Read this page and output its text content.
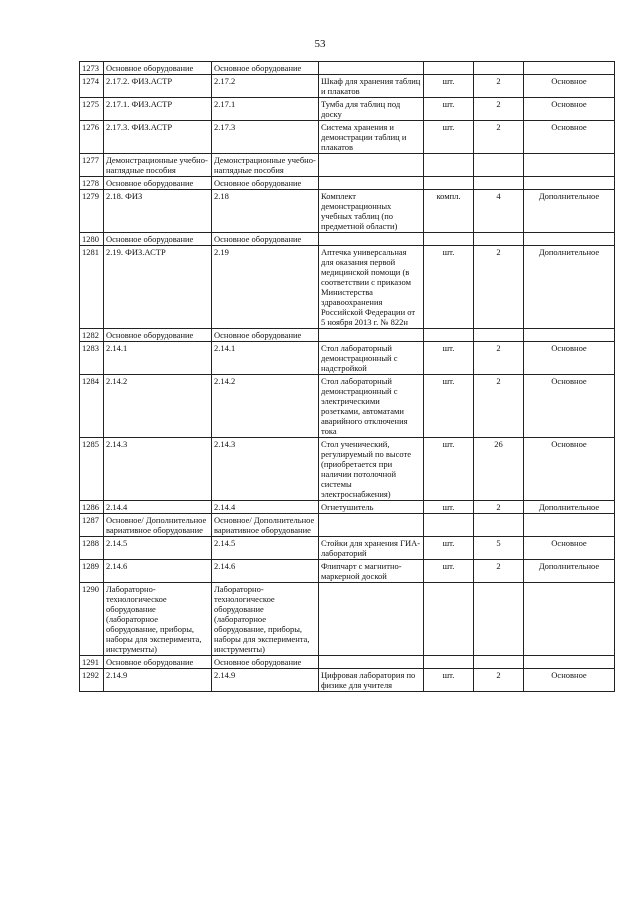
53
1273	Основное оборудование	Основное оборудование				
1274	2.17.2. ФИЗ.АСТР	2.17.2	Шкаф для хранения таблиц и плакатов	шт.	2	Основное
1275	2.17.1. ФИЗ.АСТР	2.17.1	Тумба для таблиц под доску	шт.	2	Основное
1276	2.17.3. ФИЗ.АСТР	2.17.3	Система хранения и демонстрации таблиц и плакатов	шт.	2	Основное
1277	Демонстрационные учебно-наглядные пособия	Демонстрационные учебно-наглядные пособия				
1278	Основное оборудование	Основное оборудование				
1279	2.18. ФИЗ	2.18	Комплект демонстрационных учебных таблиц (по предметной области)	компл.	4	Дополнительное
1280	Основное оборудование	Основное оборудование				
1281	2.19. ФИЗ.АСТР	2.19	Аптечка универсальная для оказания первой медицинской помощи (в соответствии с приказом Министерства здравоохранения Российской Федерации от 5 ноября 2013 г. № 822н	шт.	2	Дополнительное
1282	Основное оборудование	Основное оборудование				
1283	2.14.1	2.14.1	Стол лабораторный демонстрационный с надстройкой	шт.	2	Основное
1284	2.14.2	2.14.2	Стол лабораторный демонстрационный с электрическими розетками, автоматами аварийного отключения тока	шт.	2	Основное
1285	2.14.3	2.14.3	Стол ученический, регулируемый по высоте (приобретается при наличии потолочной системы электроснабжения)	шт.	26	Основное
1286	2.14.4	2.14.4	Огнетушитель	шт.	2	Дополнительное
1287	Основное/ Дополнительное вариативное оборудование	Основное/ Дополнительное вариативное оборудование				
1288	2.14.5	2.14.5	Стойки для хранения ГИА-лабораторий	шт.	5	Основное
1289	2.14.6	2.14.6	Флипчарт с магнитно-маркерной доской	шт.	2	Дополнительное
1290	Лабораторно-технологическое оборудование (лабораторное оборудование, приборы, наборы для эксперимента, инструменты)	Лабораторно-технологическое оборудование (лабораторное оборудование, приборы, наборы для эксперимента, инструменты)				
1291	Основное оборудование	Основное оборудование				
1292	2.14.9	2.14.9	Цифровая лаборатория по физике для учителя	шт.	2	Основное
